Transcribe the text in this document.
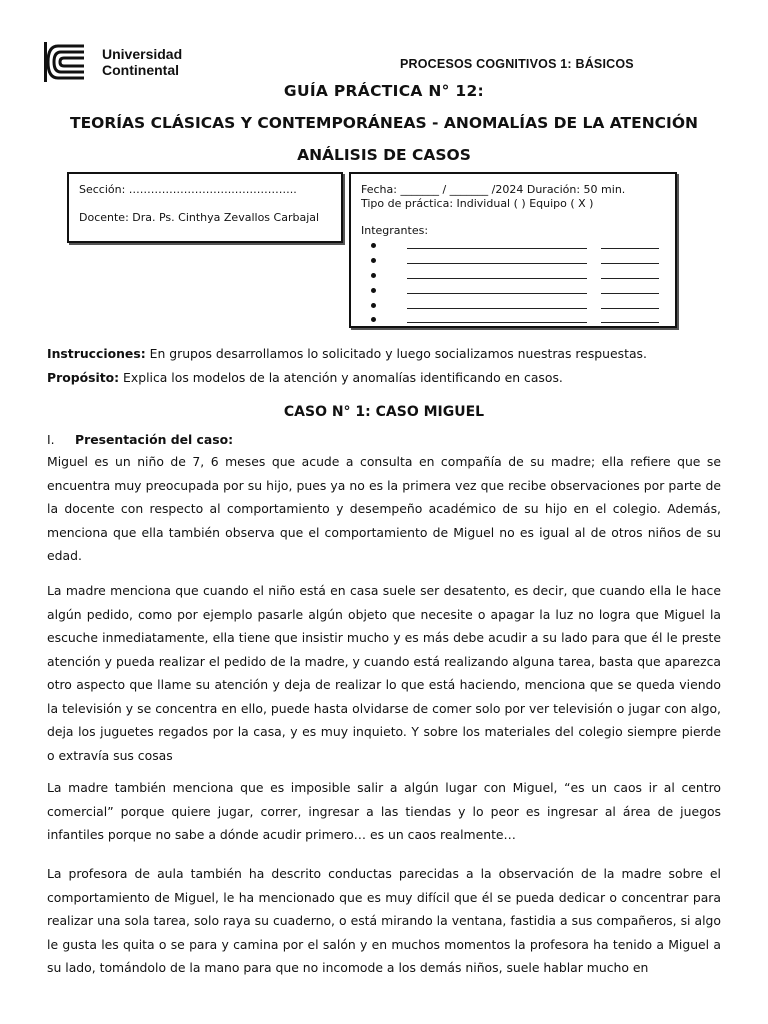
Universidad
Continental	PROCESOS COGNITIVOS 1: BÁSICOS
GUÍA PRÁCTICA N° 12:
TEORÍAS CLÁSICAS Y CONTEMPORÁNEAS - ANOMALÍAS DE LA ATENCIÓN
ANÁLISIS DE CASOS
Sección: ………………………..……………..
Docente: Dra. Ps. Cinthya Zevallos Carbajal
Fecha: _______ / _______ /2024 Duración: 50 min.
Tipo de práctica: Individual ( ) Equipo ( X )
Integrantes:
Instrucciones: En grupos desarrollamos lo solicitado y luego socializamos nuestras respuestas.
Propósito: Explica los modelos de la atención y anomalías identificando en casos.
CASO N° 1: CASO MIGUEL
I. Presentación del caso:

Miguel es un niño de 7, 6 meses que acude a consulta en compañía de su madre; ella refiere que se encuentra muy preocupada por su hijo, pues ya no es la primera vez que recibe observaciones por parte de la docente con respecto al comportamiento y desempeño académico de su hijo en el colegio. Además, menciona que ella también observa que el comportamiento de Miguel no es igual al de otros niños de su edad.

La madre menciona que cuando el niño está en casa suele ser desatento, es decir, que cuando ella le hace algún pedido, como por ejemplo pasarle algún objeto que necesite o apagar la luz no logra que Miguel la escuche inmediatamente, ella tiene que insistir mucho y es más debe acudir a su lado para que él le preste atención y pueda realizar el pedido de la madre, y cuando está realizando alguna tarea, basta que aparezca otro aspecto que llame su atención y deja de realizar lo que está haciendo, menciona que se queda viendo la televisión y se concentra en ello, puede hasta olvidarse de comer solo por ver televisión o jugar con algo, deja los juguetes regados por la casa, y es muy inquieto. Y sobre los materiales del colegio siempre pierde o extravía sus cosas

La madre también menciona que es imposible salir a algún lugar con Miguel, “es un caos ir al centro comercial” porque quiere jugar, correr, ingresar a las tiendas y lo peor es ingresar al área de juegos infantiles porque no sabe a dónde acudir primero… es un caos realmente…

La profesora de aula también ha descrito conductas parecidas a la observación de la madre sobre el comportamiento de Miguel, le ha mencionado que es muy difícil que él se pueda dedicar o concentrar para realizar una sola tarea, solo raya su cuaderno, o está mirando la ventana, fastidia a sus compañeros, si algo le gusta les quita o se para y camina por el salón y en muchos momentos la profesora ha tenido a Miguel a su lado, tomándolo de la mano para que no incomode a los demás niños, suele hablar mucho en
